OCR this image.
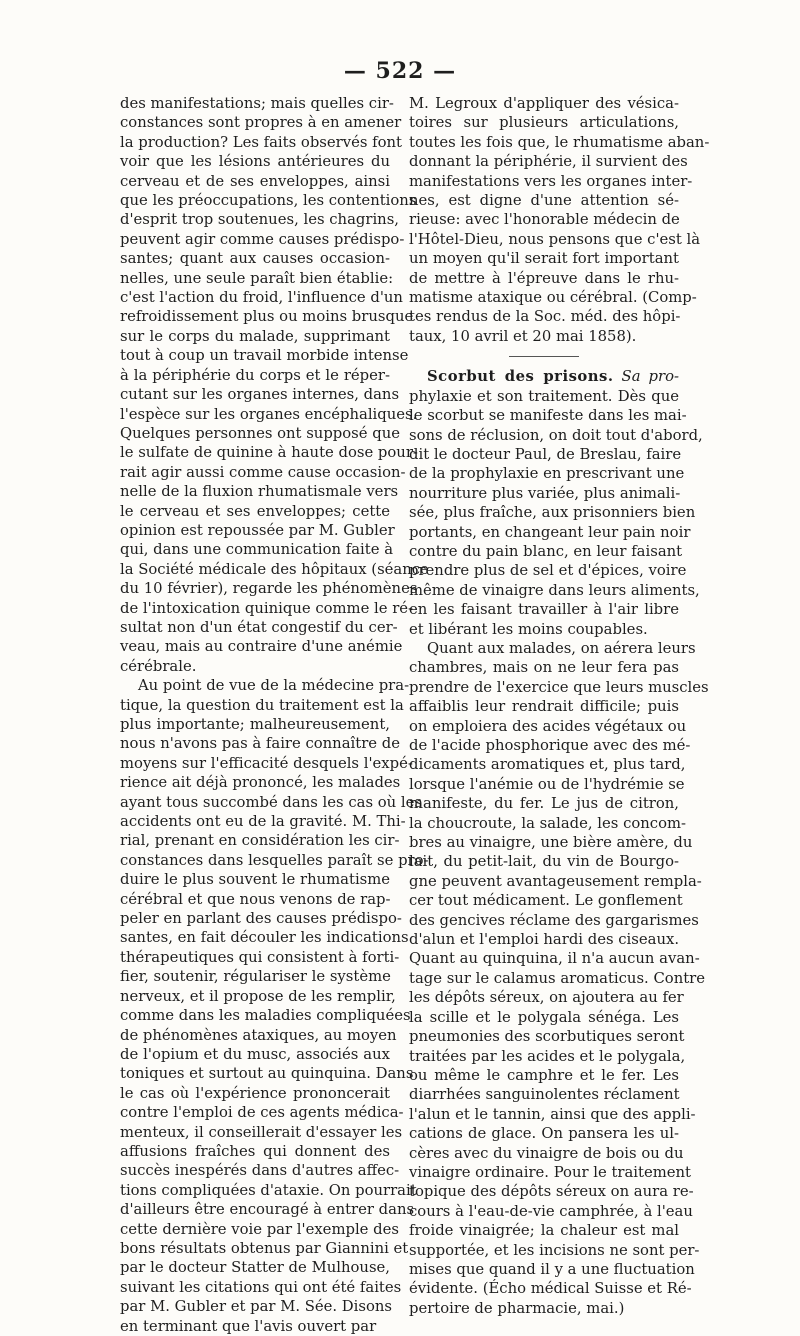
— 522 —

des manifestations; mais quelles cir-
constances sont propres à en amener
la production? Les faits observés font
voir que les lésions antérieures du
cerveau et de ses enveloppes, ainsi
que les préoccupations, les contentions
d'esprit trop soutenues, les chagrins,
peuvent agir comme causes prédispo-
santes; quant aux causes occasion-
nelles, une seule paraît bien établie:
c'est l'action du froid, l'influence d'un
refroidissement plus ou moins brusque
sur le corps du malade, supprimant
tout à coup un travail morbide intense
à la périphérie du corps et le réper-
cutant sur les organes internes, dans
l'espèce sur les organes encéphaliques.
Quelques personnes ont supposé que
le sulfate de quinine à haute dose pour-
rait agir aussi comme cause occasion-
nelle de la fluxion rhumatismale vers
le cerveau et ses enveloppes; cette
opinion est repoussée par M. Gubler
qui, dans une communication faite à
la Société médicale des hôpitaux (séance
du 10 février), regarde les phénomènes
de l'intoxication quinique comme le ré-
sultat non d'un état congestif du cer-
veau, mais au contraire d'une anémie
cérébrale.

Au point de vue de la médecine pra-
tique, la question du traitement est la
plus importante; malheureusement,
nous n'avons pas à faire connaître de
moyens sur l'efficacité desquels l'expé-
rience ait déjà prononcé, les malades
ayant tous succombé dans les cas où les
accidents ont eu de la gravité. M. Thi-
rial, prenant en considération les cir-
constances dans lesquelles paraît se pro-
duire le plus souvent le rhumatisme
cérébral et que nous venons de rap-
peler en parlant des causes prédispo-
santes, en fait découler les indications
thérapeutiques qui consistent à forti-
fier, soutenir, régulariser le système
nerveux, et il propose de les remplir,
comme dans les maladies compliquées
de phénomènes ataxiques, au moyen
de l'opium et du musc, associés aux
toniques et surtout au quinquina. Dans
le cas où l'expérience prononcerait
contre l'emploi de ces agents médica-
menteux, il conseillerait d'essayer les
affusions fraîches qui donnent des
succès inespérés dans d'autres affec-
tions compliquées d'ataxie. On pourrait
d'ailleurs être encouragé à entrer dans
cette dernière voie par l'exemple des
bons résultats obtenus par Giannini et
par le docteur Statter de Mulhouse,
suivant les citations qui ont été faites
par M. Gubler et par M. Sée. Disons
en terminant que l'avis ouvert par

M. Legroux d'appliquer des vésica-
toires sur plusieurs articulations,
toutes les fois que, le rhumatisme aban-
donnant la périphérie, il survient des
manifestations vers les organes inter-
nes, est digne d'une attention sé-
rieuse: avec l'honorable médecin de
l'Hôtel-Dieu, nous pensons que c'est là
un moyen qu'il serait fort important
de mettre à l'épreuve dans le rhu-
matisme ataxique ou cérébral. (Comp-
tes rendus de la Soc. méd. des hôpi-
taux, 10 avril et 20 mai 1858).

Scorbut des prisons. Sa pro-
phylaxie et son traitement. Dès que
le scorbut se manifeste dans les mai-
sons de réclusion, on doit tout d'abord,
dit le docteur Paul, de Breslau, faire
de la prophylaxie en prescrivant une
nourriture plus variée, plus animali-
sée, plus fraîche, aux prisonniers bien
portants, en changeant leur pain noir
contre du pain blanc, en leur faisant
prendre plus de sel et d'épices, voire
même de vinaigre dans leurs aliments,
en les faisant travailler à l'air libre
et libérant les moins coupables.

Quant aux malades, on aérera leurs
chambres, mais on ne leur fera pas
prendre de l'exercice que leurs muscles
affaiblis leur rendrait difficile; puis
on emploiera des acides végétaux ou
de l'acide phosphorique avec des mé-
dicaments aromatiques et, plus tard,
lorsque l'anémie ou de l'hydrémie se
manifeste, du fer. Le jus de citron,
la choucroute, la salade, les concom-
bres au vinaigre, une bière amère, du
lait, du petit-lait, du vin de Bourgo-
gne peuvent avantageusement rempla-
cer tout médicament. Le gonflement
des gencives réclame des gargarismes
d'alun et l'emploi hardi des ciseaux.
Quant au quinquina, il n'a aucun avan-
tage sur le calamus aromaticus. Contre
les dépôts séreux, on ajoutera au fer
la scille et le polygala sénéga. Les
pneumonies des scorbutiques seront
traitées par les acides et le polygala,
ou même le camphre et le fer. Les
diarrhées sanguinolentes réclament
l'alun et le tannin, ainsi que des appli-
cations de glace. On pansera les ul-
cères avec du vinaigre de bois ou du
vinaigre ordinaire. Pour le traitement
topique des dépôts séreux on aura re-
cours à l'eau-de-vie camphrée, à l'eau
froide vinaigrée; la chaleur est mal
supportée, et les incisions ne sont per-
mises que quand il y a une fluctuation
évidente. (Écho médical Suisse et Ré-
pertoire de pharmacie, mai.)
